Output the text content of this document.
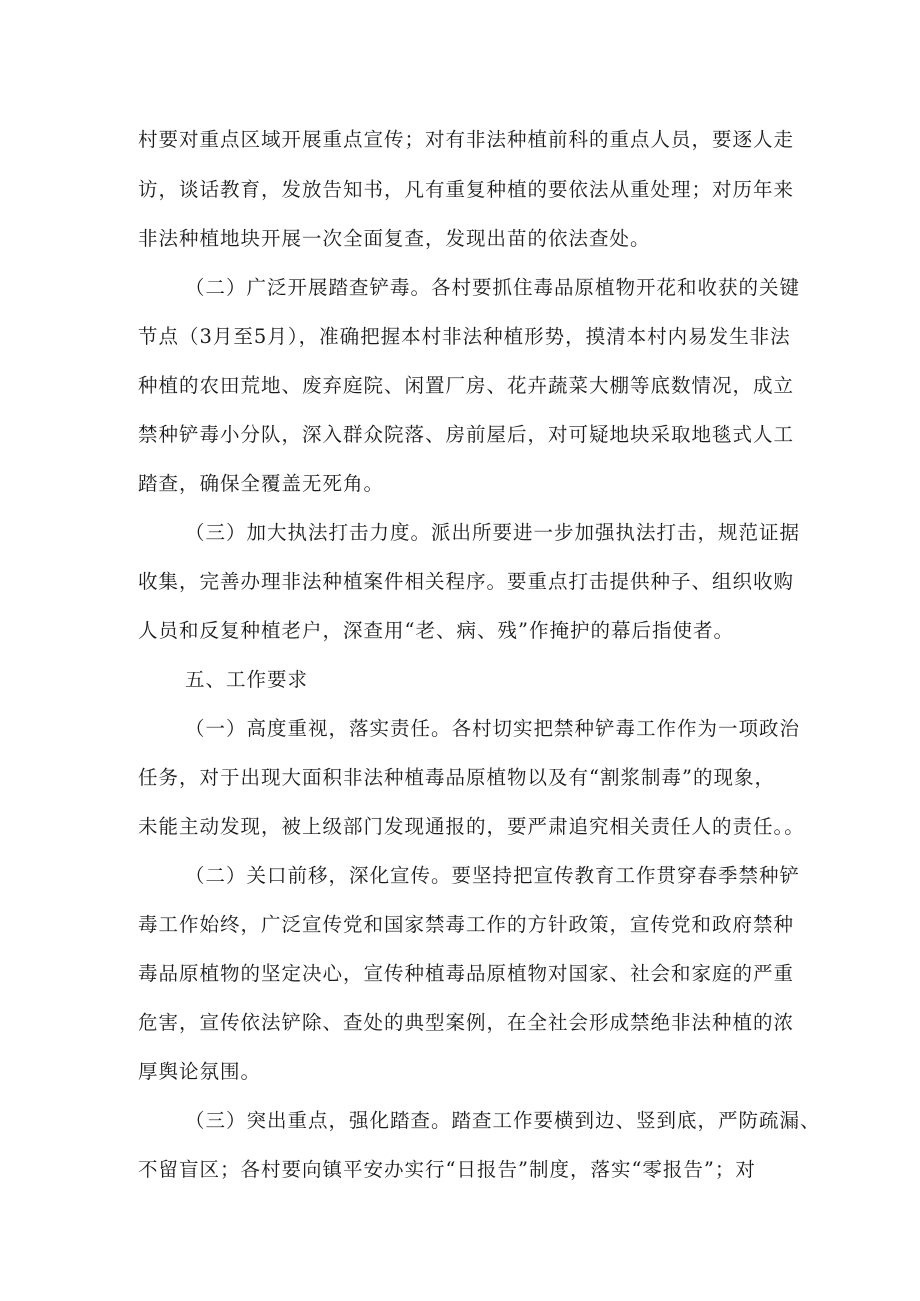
村要对重点区域开展重点宣传；对有非法种植前科的重点人员，要逐人走
访，谈话教育，发放告知书，凡有重复种植的要依法从重处理；对历年来
非法种植地块开展一次全面复查，发现出苗的依法查处。
（二）广泛开展踏查铲毒。各村要抓住毒品原植物开花和收获的关键
节点（3月至5月），准确把握本村非法种植形势，摸清本村内易发生非法
种植的农田荒地、废弃庭院、闲置厂房、花卉蔬菜大棚等底数情况，成立
禁种铲毒小分队，深入群众院落、房前屋后，对可疑地块采取地毯式人工
踏查，确保全覆盖无死角。
（三）加大执法打击力度。派出所要进一步加强执法打击，规范证据
收集，完善办理非法种植案件相关程序。要重点打击提供种子、组织收购
人员和反复种植老户，深查用“老、病、残”作掩护的幕后指使者。
五、工作要求
（一）高度重视，落实责任。各村切实把禁种铲毒工作作为一项政治
任务，对于出现大面积非法种植毒品原植物以及有“割浆制毒”的现象，
未能主动发现，被上级部门发现通报的，要严肃追究相关责任人的责任。。
（二）关口前移，深化宣传。要坚持把宣传教育工作贯穿春季禁种铲
毒工作始终，广泛宣传党和国家禁毒工作的方针政策，宣传党和政府禁种
毒品原植物的坚定决心，宣传种植毒品原植物对国家、社会和家庭的严重
危害，宣传依法铲除、查处的典型案例，在全社会形成禁绝非法种植的浓
厚舆论氛围。
（三）突出重点，强化踏查。踏查工作要横到边、竖到底，严防疏漏、
不留盲区；各村要向镇平安办实行“日报告”制度，落实“零报告”；对
